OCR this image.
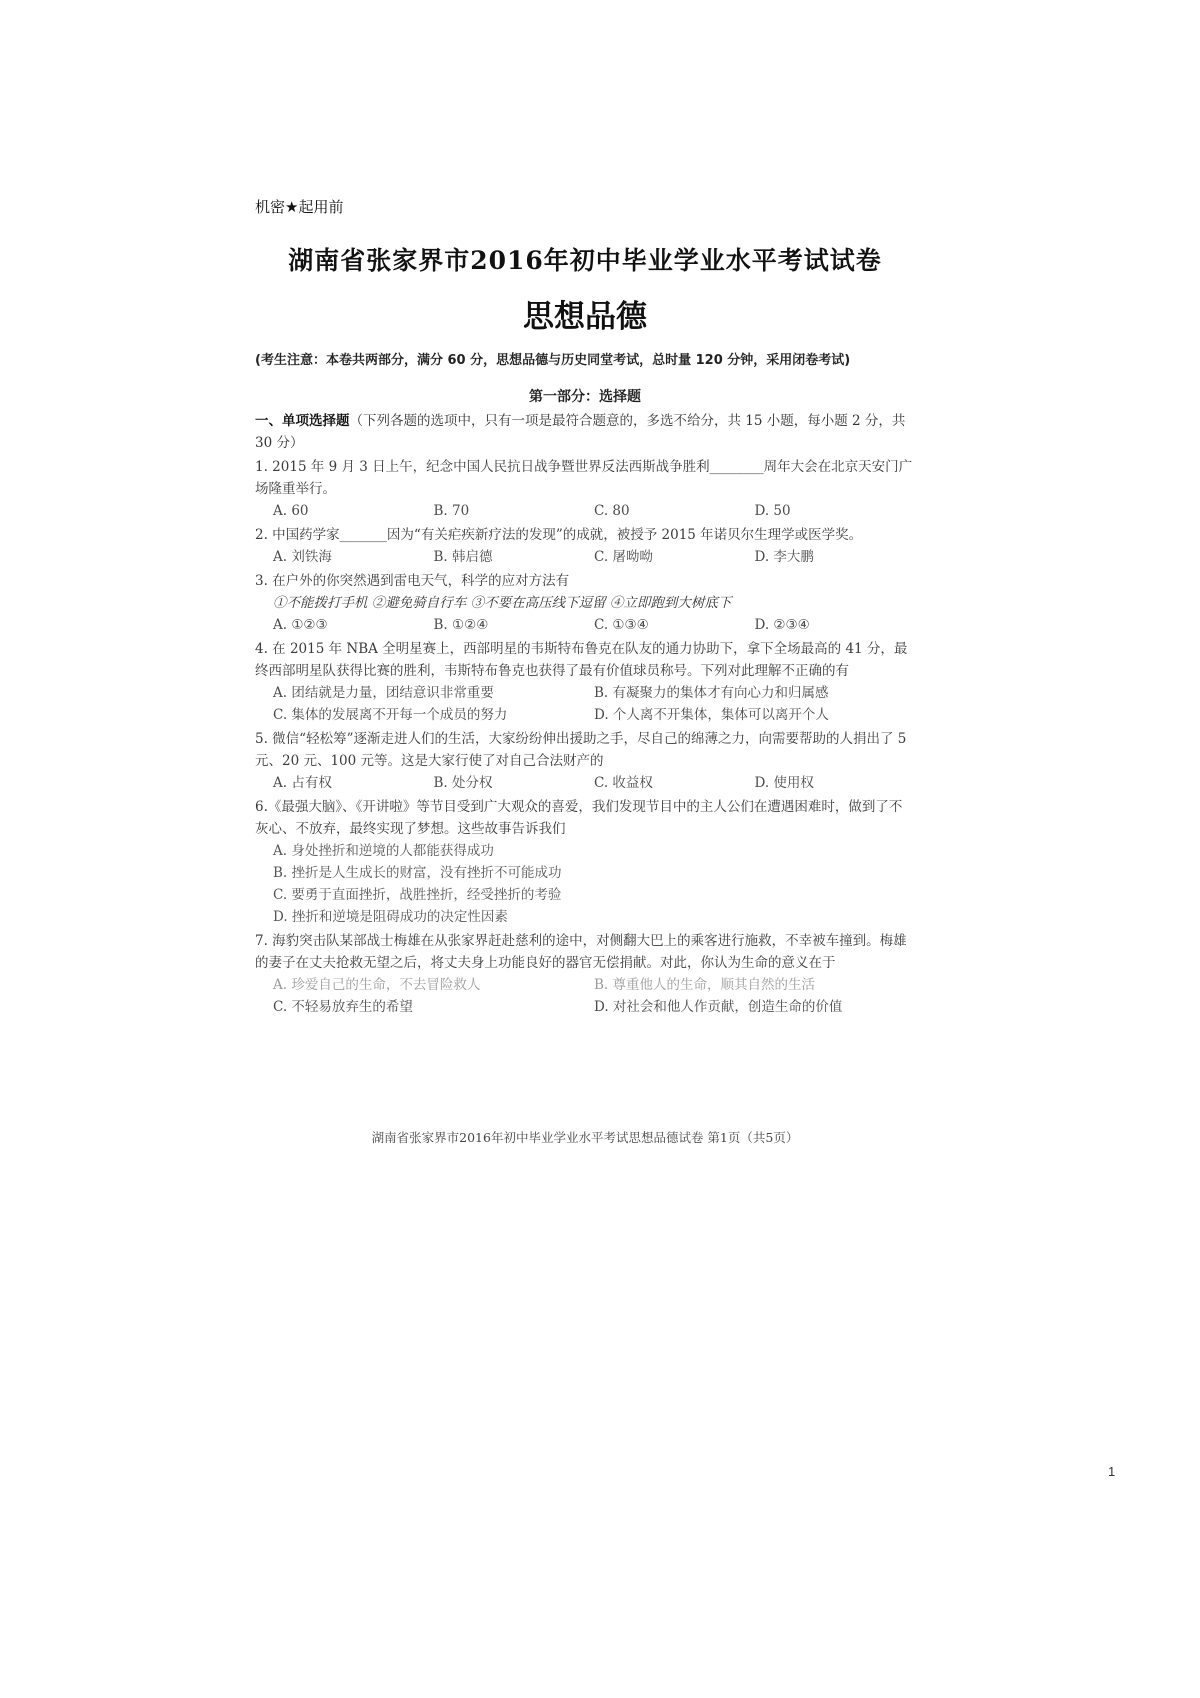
机密★起用前
湖南省张家界市2016年初中毕业学业水平考试试卷
思想品德
(考生注意：本卷共两部分，满分 60 分，思想品德与历史同堂考试，总时量 120 分钟，采用闭卷考试)
第一部分：选择题
一、单项选择题（下列各题的选项中，只有一项是最符合题意的，多选不给分，共 15 小题，每小题 2 分，共 30 分）
1. 2015 年 9 月 3 日上午，纪念中国人民抗日战争暨世界反法西斯战争胜利________周年大会在北京天安门广场隆重举行。
A. 60	B. 70	C. 80	D. 50
2. 中国药学家_______因为“有关疟疾新疗法的发现”的成就，被授予 2015 年诺贝尔生理学或医学奖。
A. 刘铁海	B. 韩启德	C. 屠呦呦	D. 李大鹏
3. 在户外的你突然遇到雷电天气，科学的应对方法有
①不能拨打手机 ②避免骑自行车 ③不要在高压线下逗留 ④立即跑到大树底下
A. ①②③	B. ①②④	C. ①③④	D. ②③④
4. 在 2015 年 NBA 全明星赛上，西部明星的韦斯特布鲁克在队友的通力协助下，拿下全场最高的 41 分，最终西部明星队获得比赛的胜利，韦斯特布鲁克也获得了最有价值球员称号。下列对此理解不正确的有
A. 团结就是力量，团结意识非常重要	B. 有凝聚力的集体才有向心力和归属感
C. 集体的发展离不开每一个成员的努力	D. 个人离不开集体，集体可以离开个人
5. 微信“轻松筹”逐渐走进人们的生活，大家纷纷伸出援助之手，尽自己的绵薄之力，向需要帮助的人捐出了 5 元、20 元、100 元等。这是大家行使了对自己合法财产的
A. 占有权	B. 处分权	C. 收益权	D. 使用权
6.《最强大脑》、《开讲啦》等节目受到广大观众的喜爱，我们发现节目中的主人公们在遭遇困难时，做到了不灰心、不放弃，最终实现了梦想。这些故事告诉我们
A. 身处挫折和逆境的人都能获得成功
B. 挫折是人生成长的财富，没有挫折不可能成功
C. 要勇于直面挫折，战胜挫折，经受挫折的考验
D. 挫折和逆境是阻碍成功的决定性因素
7. 海豹突击队某部战士梅雄在从张家界赶赴慈利的途中，对侧翻大巴上的乘客进行施救，不幸被车撞到。梅雄的妻子在丈夫抢救无望之后，将丈夫身上功能良好的器官无偿捐献。对此，你认为生命的意义在于
A. 珍爱自己的生命，不去冒险救人	B. 尊重他人的生命，顺其自然的生活
C. 不轻易放弃生的希望	D. 对社会和他人作贡献，创造生命的价值
湖南省张家界市2016年初中毕业学业水平考试思想品德试卷 第1页（共5页）
1
